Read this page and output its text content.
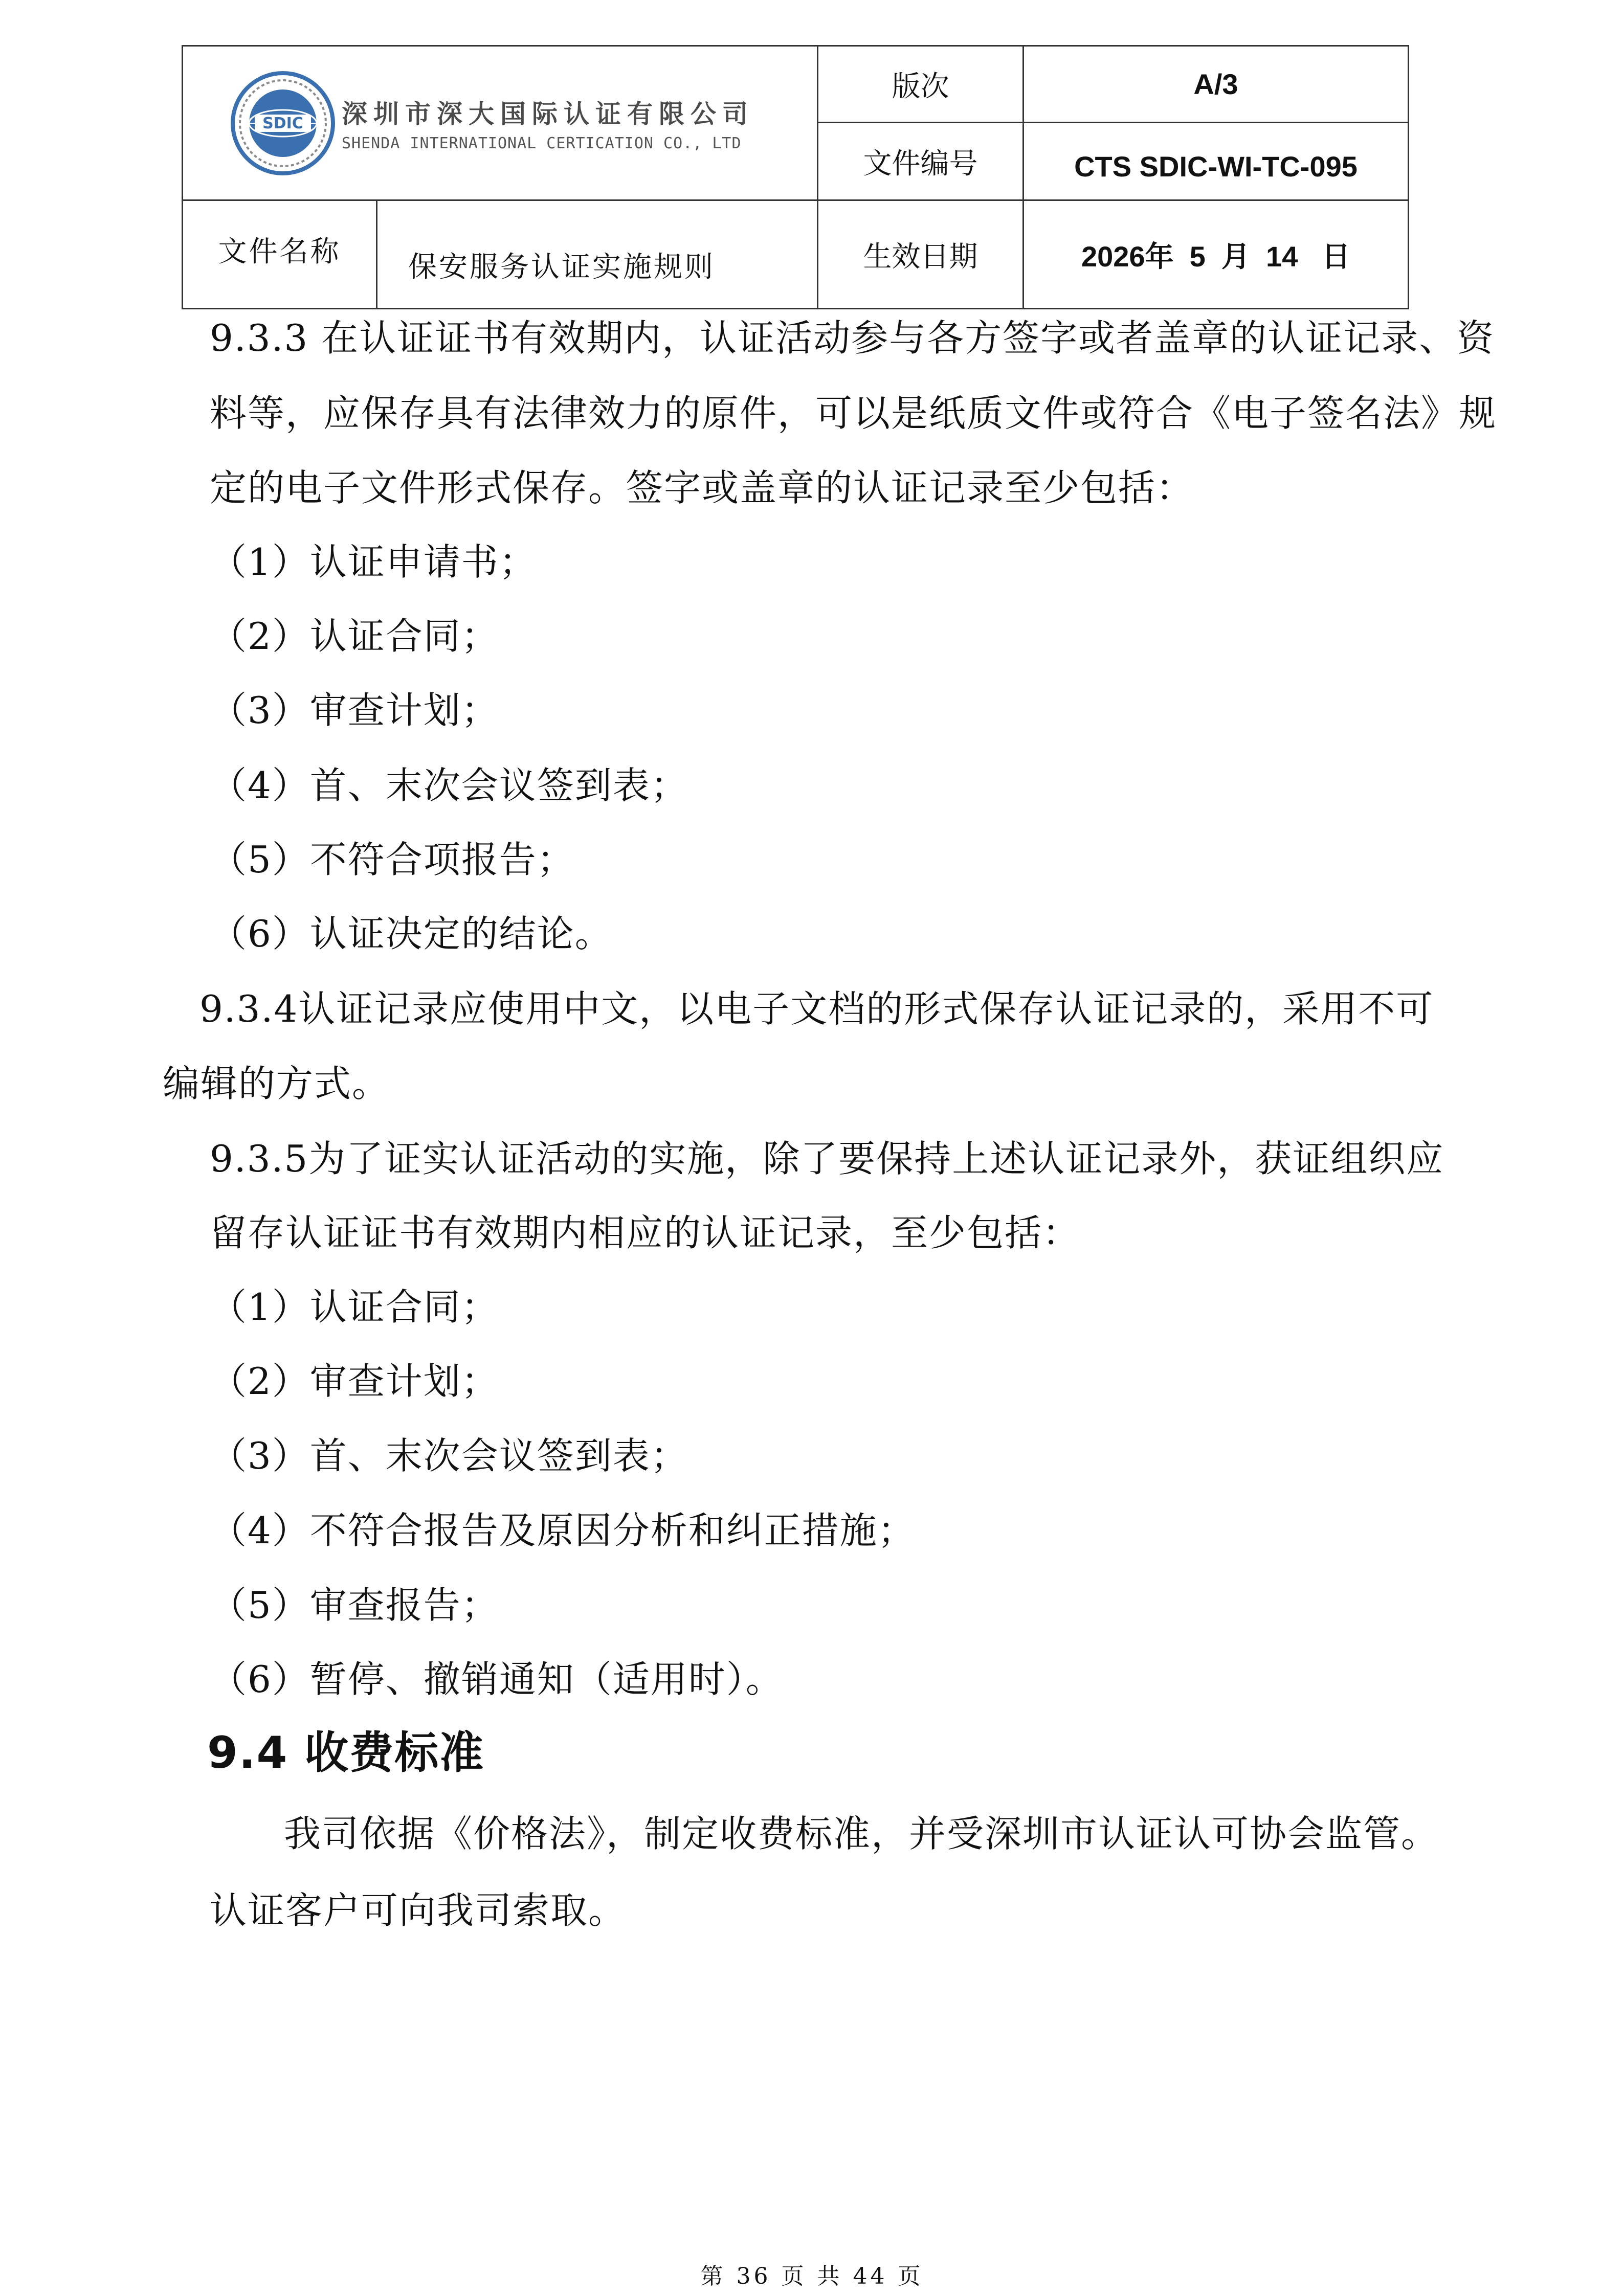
SDIC 深圳市深大国际认证有限公司
SHENDA INTERNATIONAL CERTICATION CO., LTD
版次	A/3
文件编号	CTS SDIC-WI-TC-095
文件名称	保安服务认证实施规则	生效日期	2026年  5  月  14   日
9.3.3 在认证证书有效期内，认证活动参与各方签字或者盖章的认证记录、资
料等，应保存具有法律效力的原件，可以是纸质文件或符合《电子签名法》规
定的电子文件形式保存。签字或盖章的认证记录至少包括：
（1）认证申请书；
（2）认证合同；
（3）审查计划；
（4）首、末次会议签到表；
（5）不符合项报告；
（6）认证决定的结论。
9.3.4认证记录应使用中文，以电子文档的形式保存认证记录的，采用不可
编辑的方式。
9.3.5为了证实认证活动的实施，除了要保持上述认证记录外，获证组织应
留存认证证书有效期内相应的认证记录，至少包括：
（1）认证合同；
（2）审查计划；
（3）首、末次会议签到表；
（4）不符合报告及原因分析和纠正措施；
（5）审查报告；
（6）暂停、撤销通知（适用时）。
9.4 收费标准
我司依据《价格法》，制定收费标准，并受深圳市认证认可协会监管。
认证客户可向我司索取。
第 36 页 共 44 页
